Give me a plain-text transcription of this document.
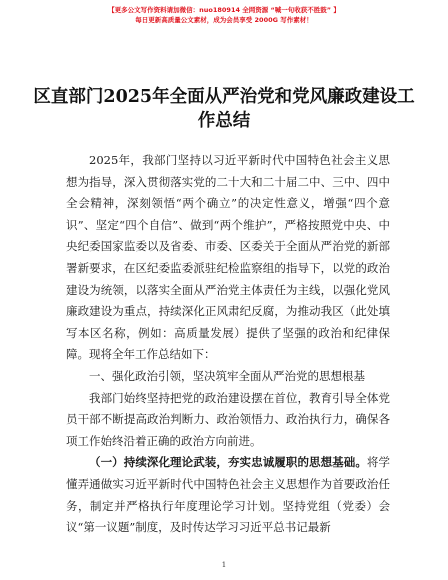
【更多公文写作资料请加微信：nuo180914 全网资源 “喊一句收获不胜鼓” 】
每日更新高质量公文素材，成为会员享受 2000G 写作素材！
区直部门2025年全面从严治党和党风廉政建设工作总结

2025年，我部门坚持以习近平新时代中国特色社会主义思想为指导，深入贯彻落实党的二十大和二十届二中、三中、四中全会精神，深刻领悟“两个确立”的决定性意义，增强“四个意识”、坚定“四个自信”、做到“两个维护”，严格按照党中央、中央纪委国家监委以及省委、市委、区委关于全面从严治党的新部署新要求，在区纪委监委派驻纪检监察组的指导下，以党的政治建设为统领，以落实全面从严治党主体责任为主线，以强化党风廉政建设为重点，持续深化正风肃纪反腐，为推动我区（此处填写本区名称，例如：高质量发展）提供了坚强的政治和纪律保障。现将全年工作总结如下：

一、强化政治引领，坚决筑牢全面从严治党的思想根基

我部门始终坚持把党的政治建设摆在首位，教育引导全体党员干部不断提高政治判断力、政治领悟力、政治执行力，确保各项工作始终沿着正确的政治方向前进。

（一）持续深化理论武装，夯实忠诚履职的思想基础。将学懂弄通做实习近平新时代中国特色社会主义思想作为首要政治任务，制定并严格执行年度理论学习计划。坚持党组（党委）会议“第一议题”制度，及时传达学习习近平总书记最新

1
